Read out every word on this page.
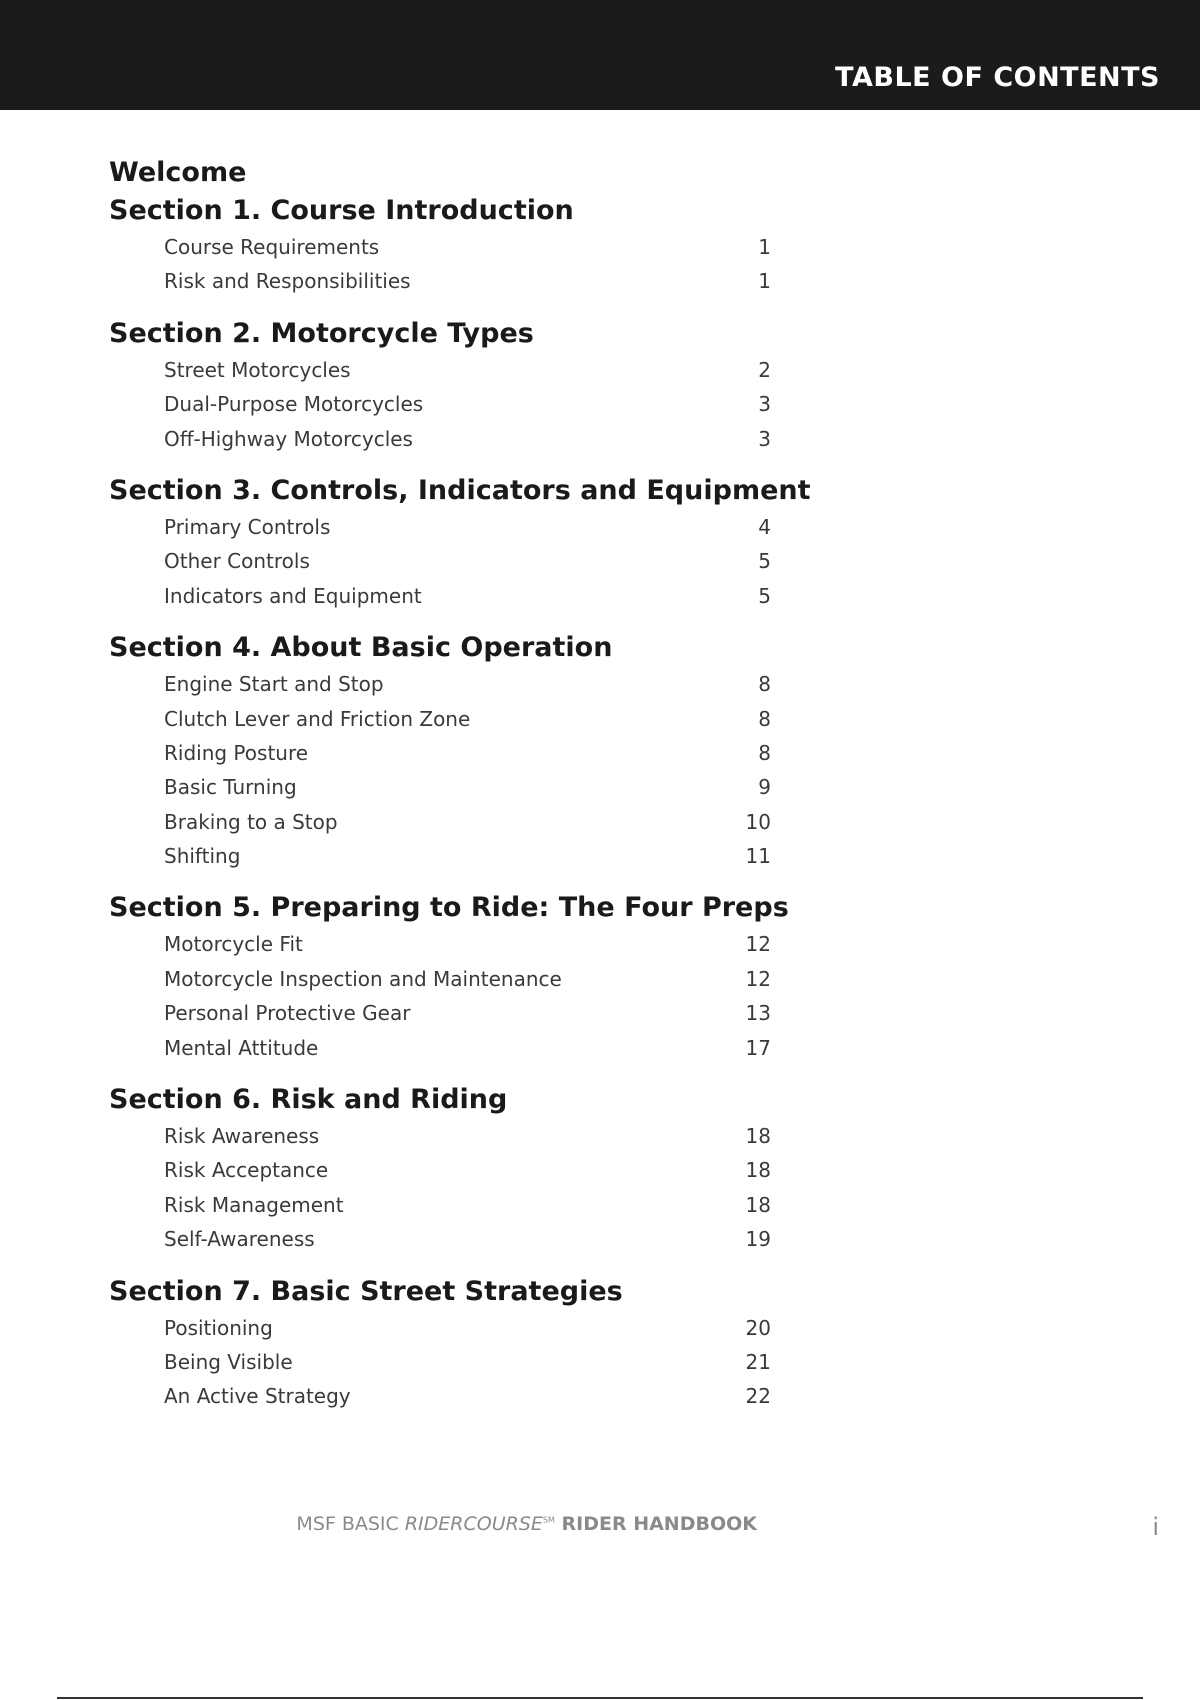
TABLE OF CONTENTS
Welcome
Section 1. Course Introduction
Course Requirements	1
Risk and Responsibilities	1
Section 2. Motorcycle Types
Street Motorcycles	2
Dual-Purpose Motorcycles	3
Off-Highway Motorcycles	3
Section 3. Controls, Indicators and Equipment
Primary Controls	4
Other Controls	5
Indicators and Equipment	5
Section 4. About Basic Operation
Engine Start and Stop	8
Clutch Lever and Friction Zone	8
Riding Posture	8
Basic Turning	9
Braking to a Stop	10
Shifting	11
Section 5. Preparing to Ride: The Four Preps
Motorcycle Fit	12
Motorcycle Inspection and Maintenance	12
Personal Protective Gear	13
Mental Attitude	17
Section 6. Risk and Riding
Risk Awareness	18
Risk Acceptance	18
Risk Management	18
Self-Awareness	19
Section 7. Basic Street Strategies
Positioning	20
Being Visible	21
An Active Strategy	22
MSF BASIC RIDERCOURSE℠ RIDER HANDBOOK	i
